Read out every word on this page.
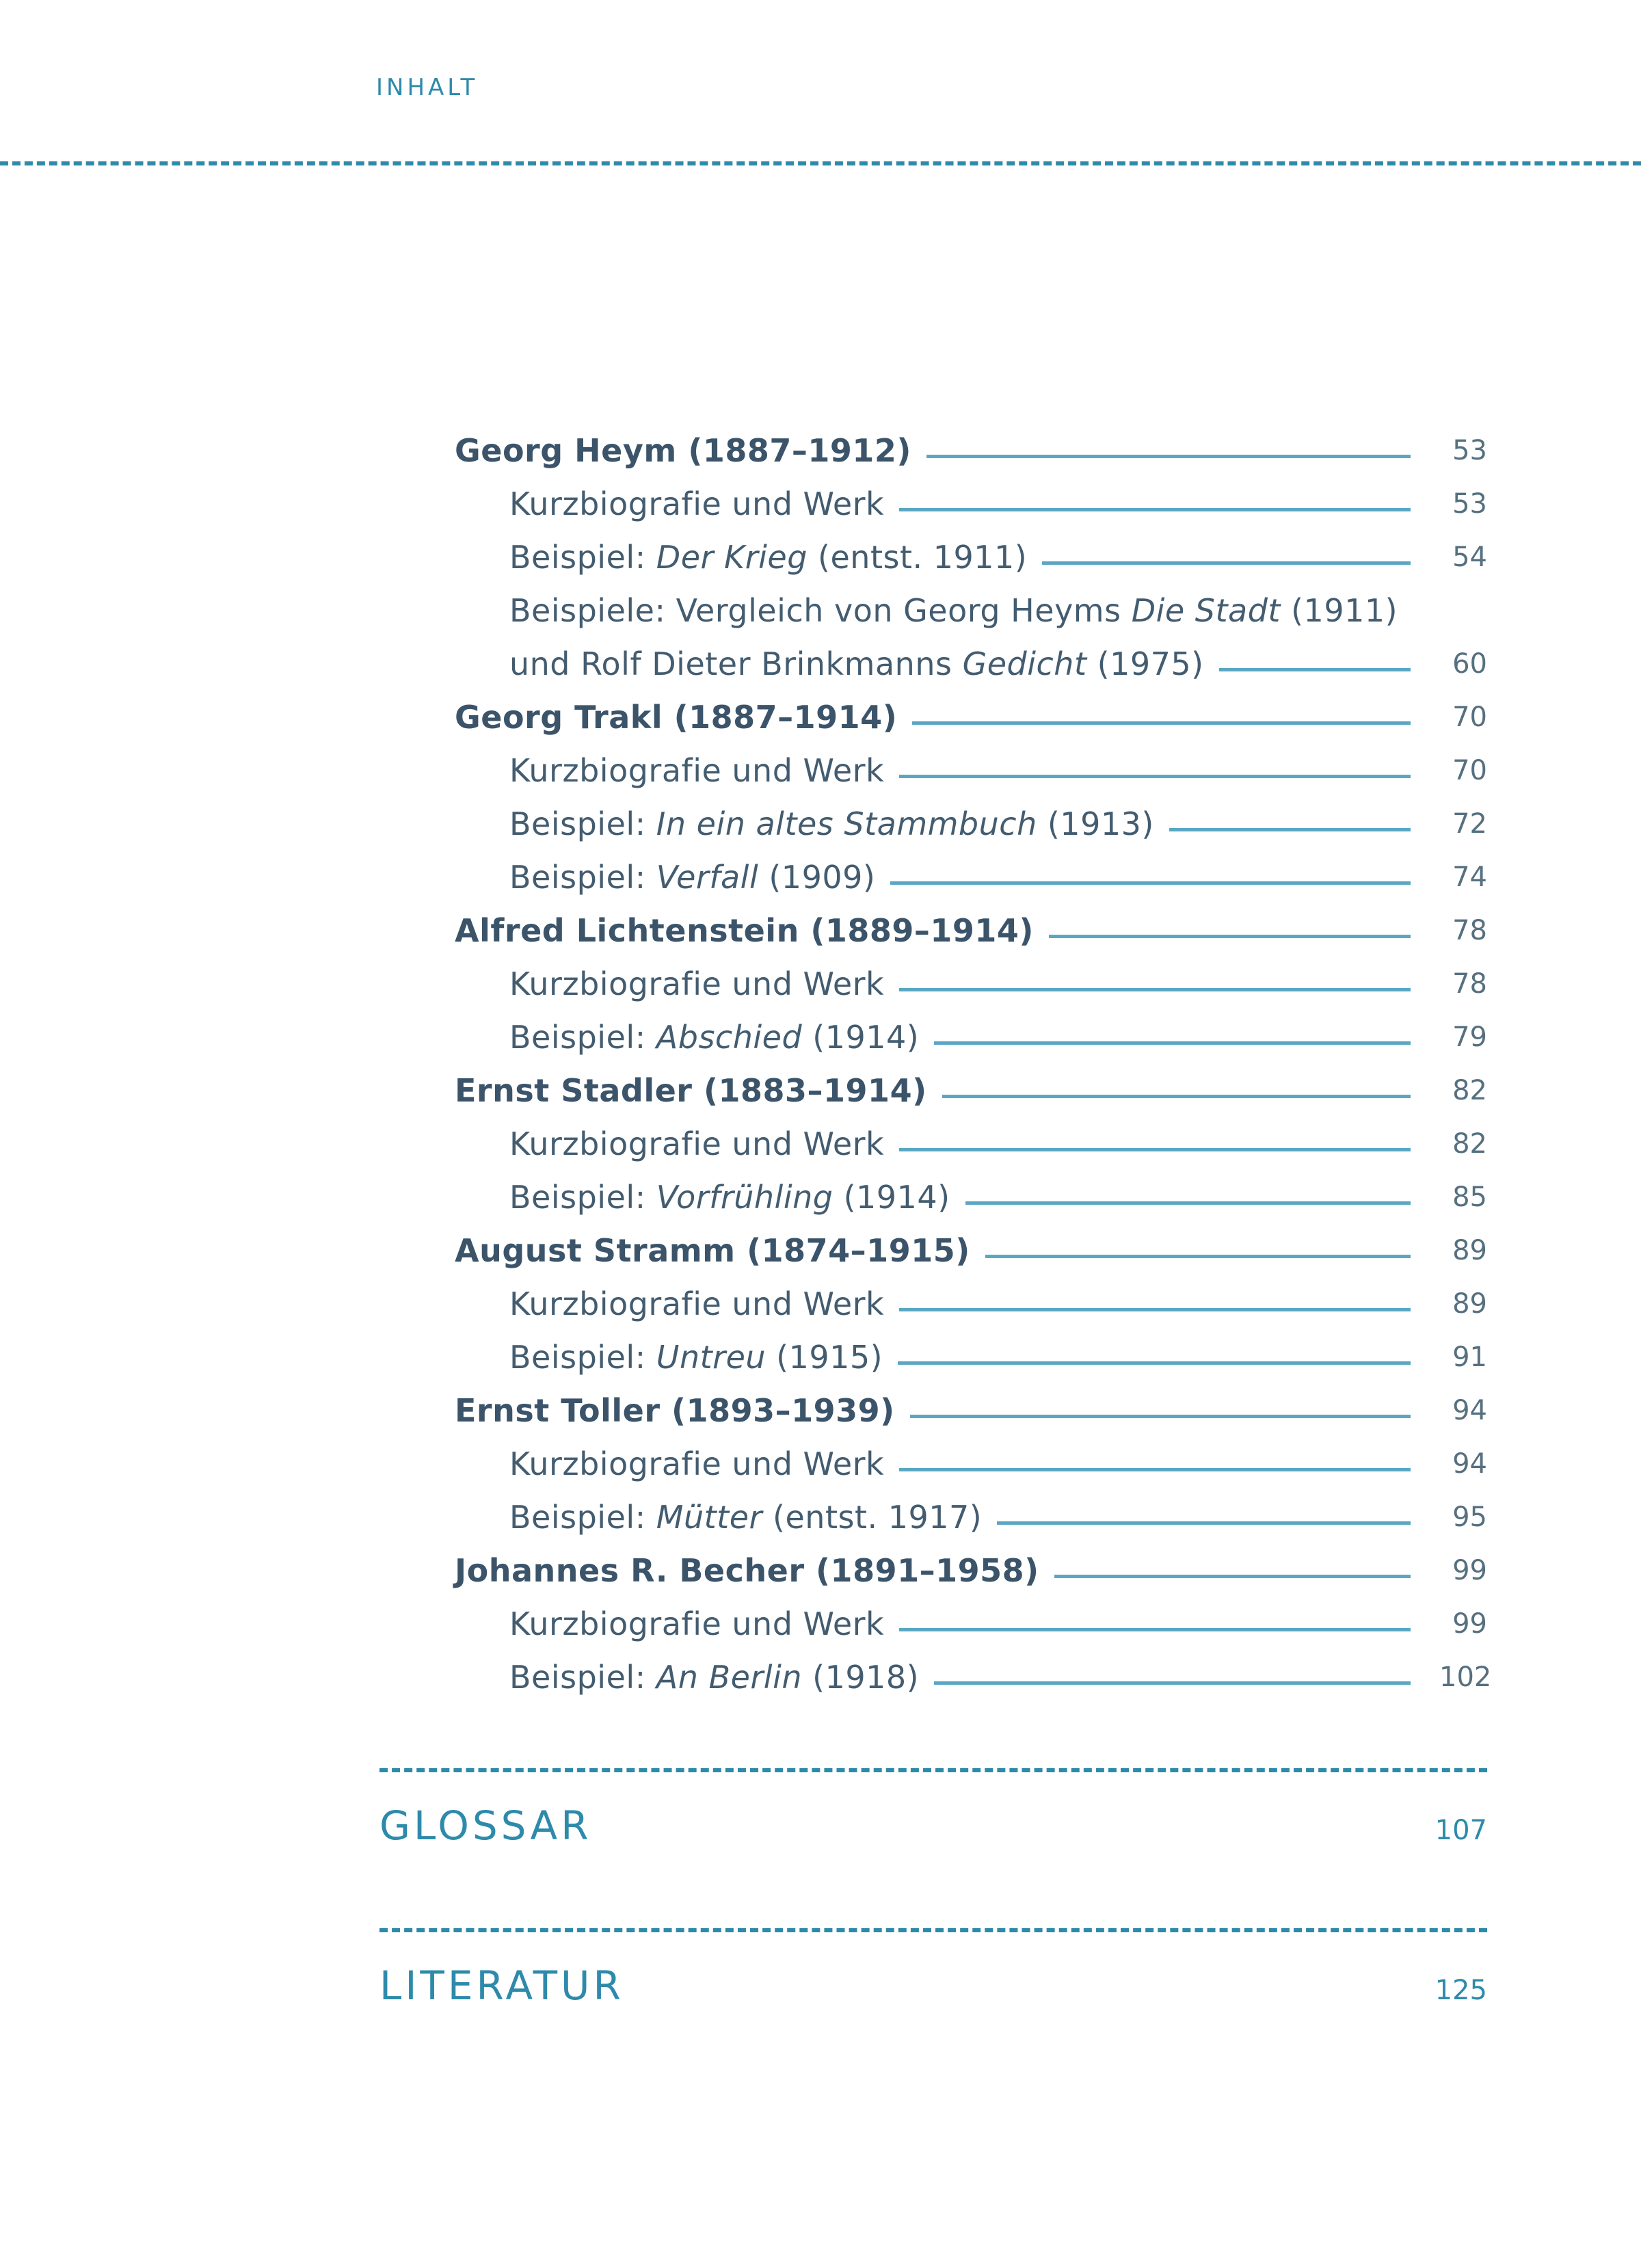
INHALT
Georg Heym (1887–1912)	53
Kurzbiografie und Werk	53
Beispiel: Der Krieg (entst. 1911)	54
Beispiele: Vergleich von Georg Heyms Die Stadt (1911)
und Rolf Dieter Brinkmanns Gedicht (1975)	60
Georg Trakl (1887–1914)	70
Kurzbiografie und Werk	70
Beispiel: In ein altes Stammbuch (1913)	72
Beispiel: Verfall (1909)	74
Alfred Lichtenstein (1889–1914)	78
Kurzbiografie und Werk	78
Beispiel: Abschied (1914)	79
Ernst Stadler (1883–1914)	82
Kurzbiografie und Werk	82
Beispiel: Vorfrühling (1914)	85
August Stramm (1874–1915)	89
Kurzbiografie und Werk	89
Beispiel: Untreu (1915)	91
Ernst Toller (1893–1939)	94
Kurzbiografie und Werk	94
Beispiel: Mütter (entst. 1917)	95
Johannes R. Becher (1891–1958)	99
Kurzbiografie und Werk	99
Beispiel: An Berlin (1918)	102
GLOSSAR	107
LITERATUR	125
